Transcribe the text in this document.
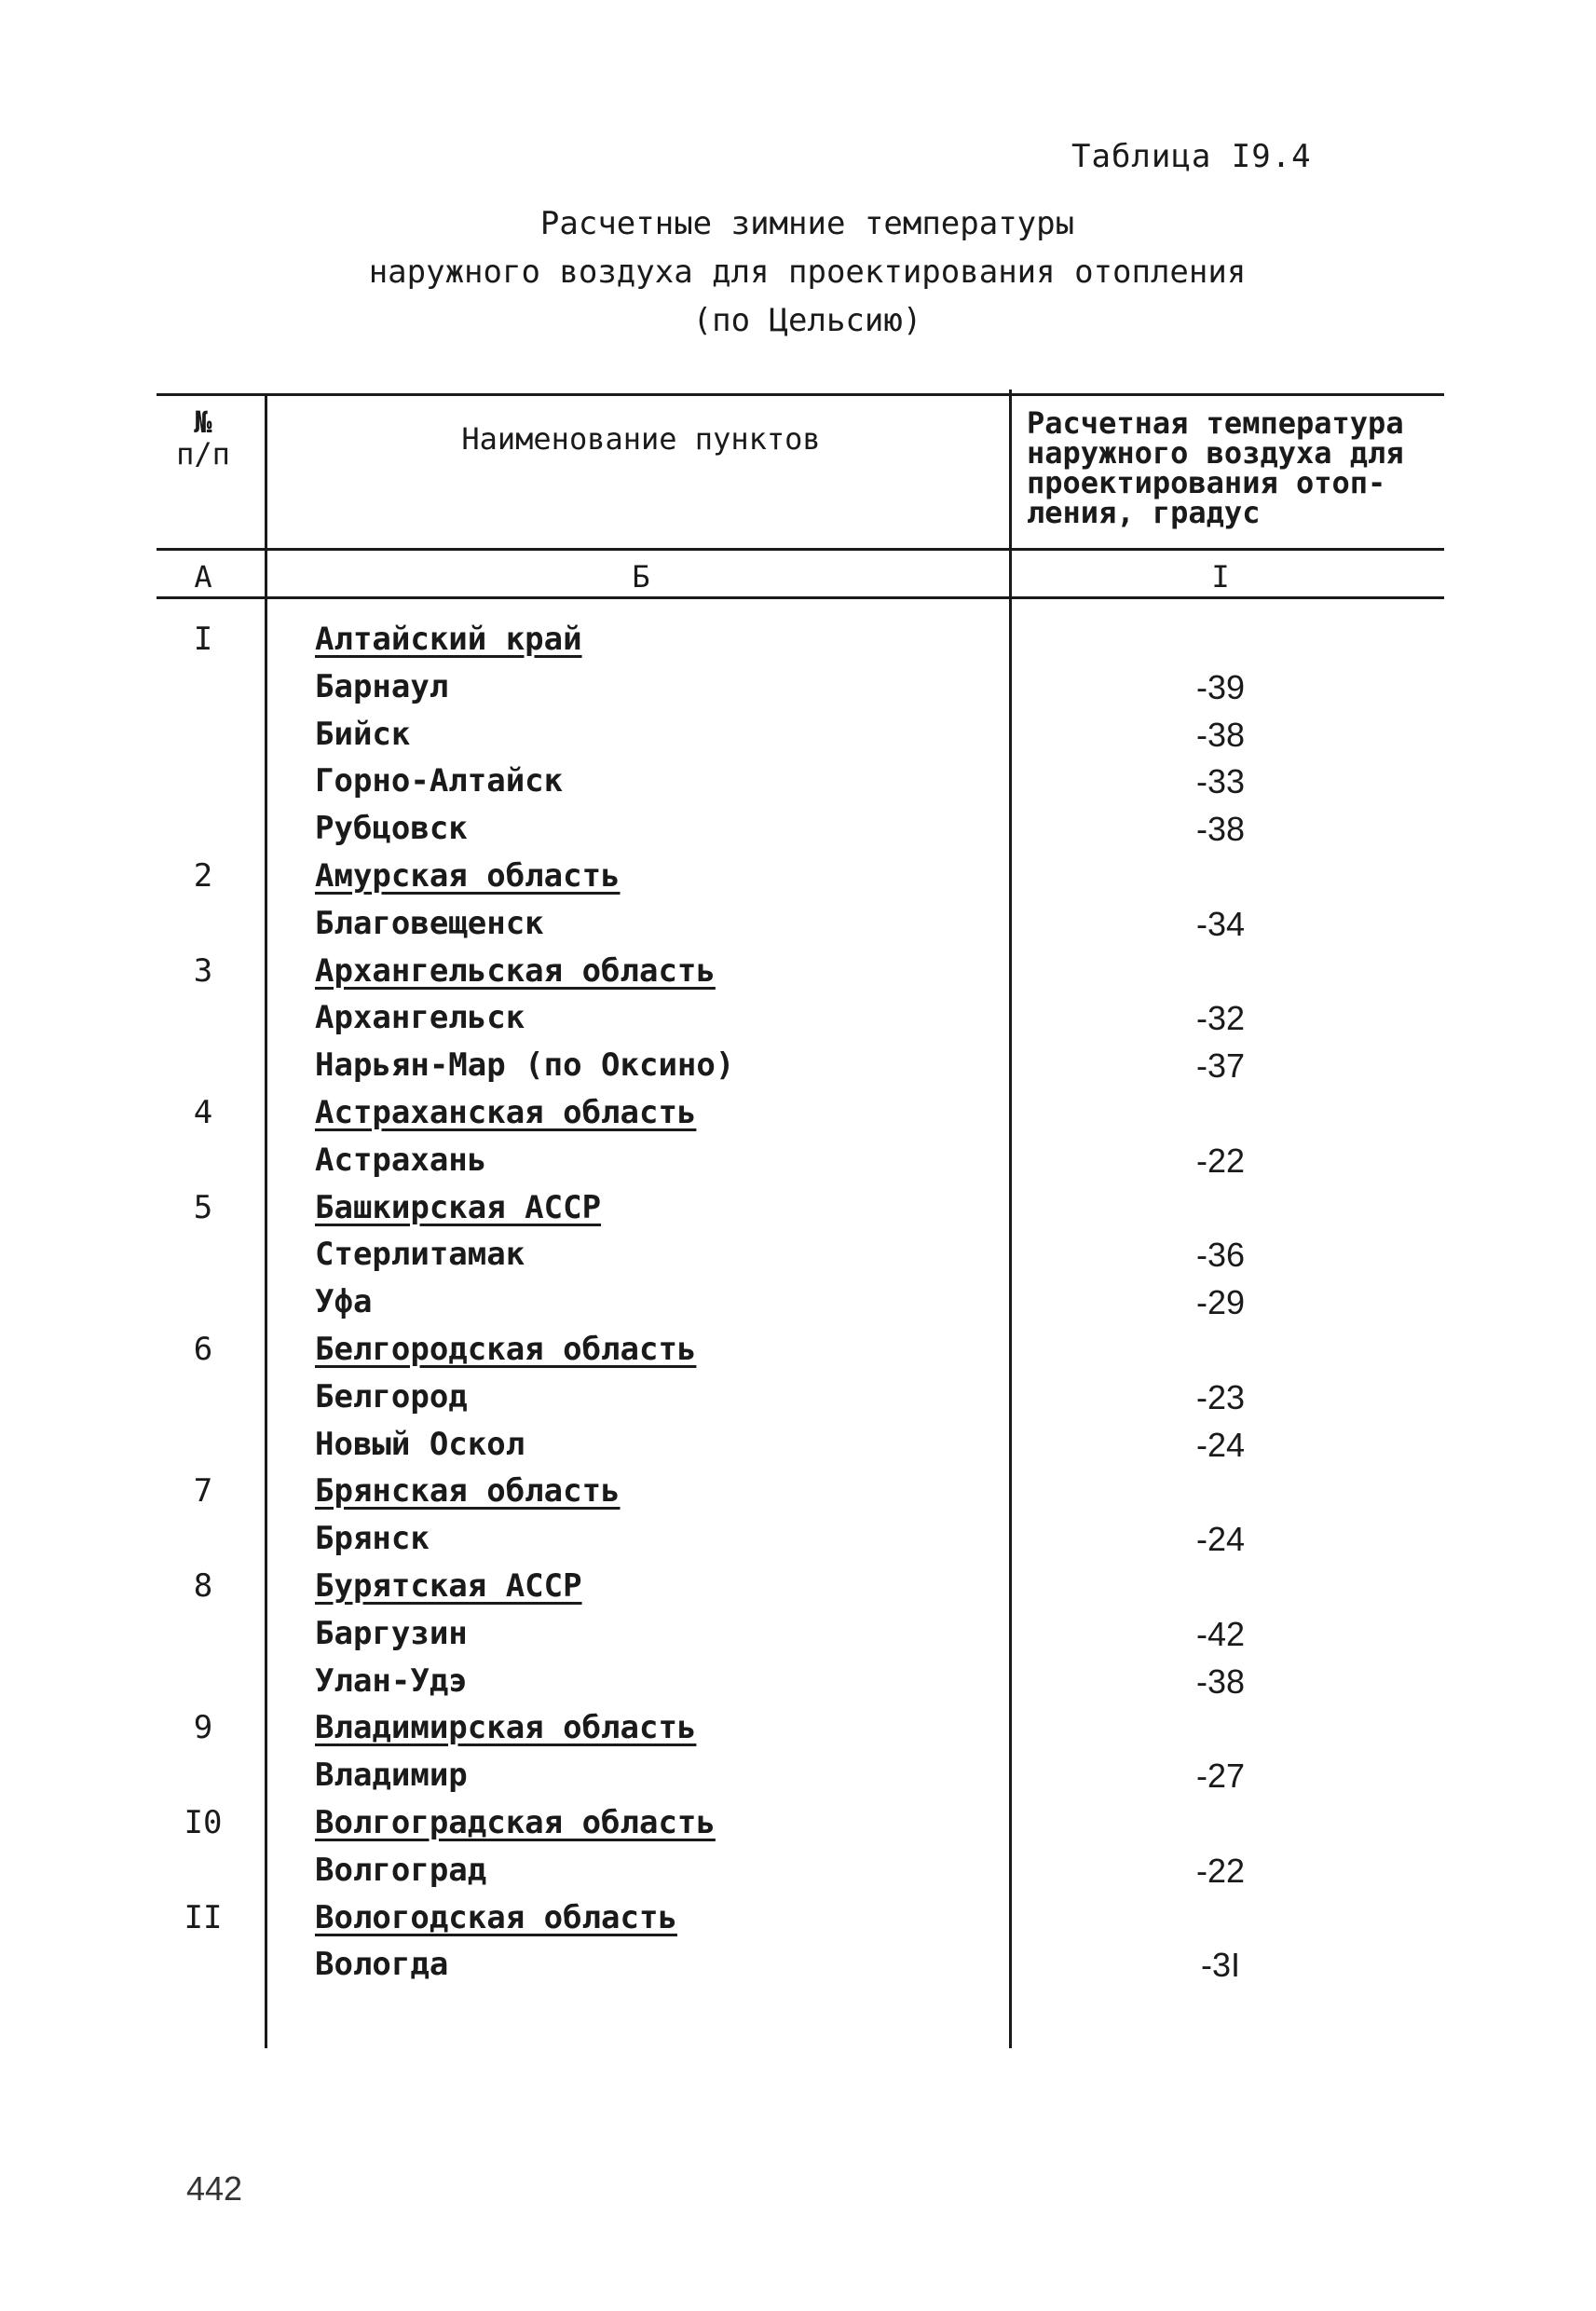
Таблица I9.4
Расчетные зимние температуры
наружного воздуха для проектирования отопления
(по Цельсию)
№
п/п	Наименование пунктов	Расчетная температура
наружного воздуха для
проектирования отоп-
ления, градус
А	Б	I
I	Алтайский край
Барнаул	-39
Бийск	-38
Горно-Алтайск	-33
Рубцовск	-38
2	Амурская область
Благовещенск	-34
3	Архангельская область
Архангельск	-32
Нарьян-Мар (по Оксино)	-37
4	Астраханская область
Астрахань	-22
5	Башкирская АССР
Стерлитамак	-36
Уфа	-29
6	Белгородская область
Белгород	-23
Новый Оскол	-24
7	Брянская область
Брянск	-24
8	Бурятская АССР
Баргузин	-42
Улан-Удэ	-38
9	Владимирская область
Владимир	-27
I0	Волгоградская область
Волгоград	-22
II	Вологодская область
Вологда	-3I
442
